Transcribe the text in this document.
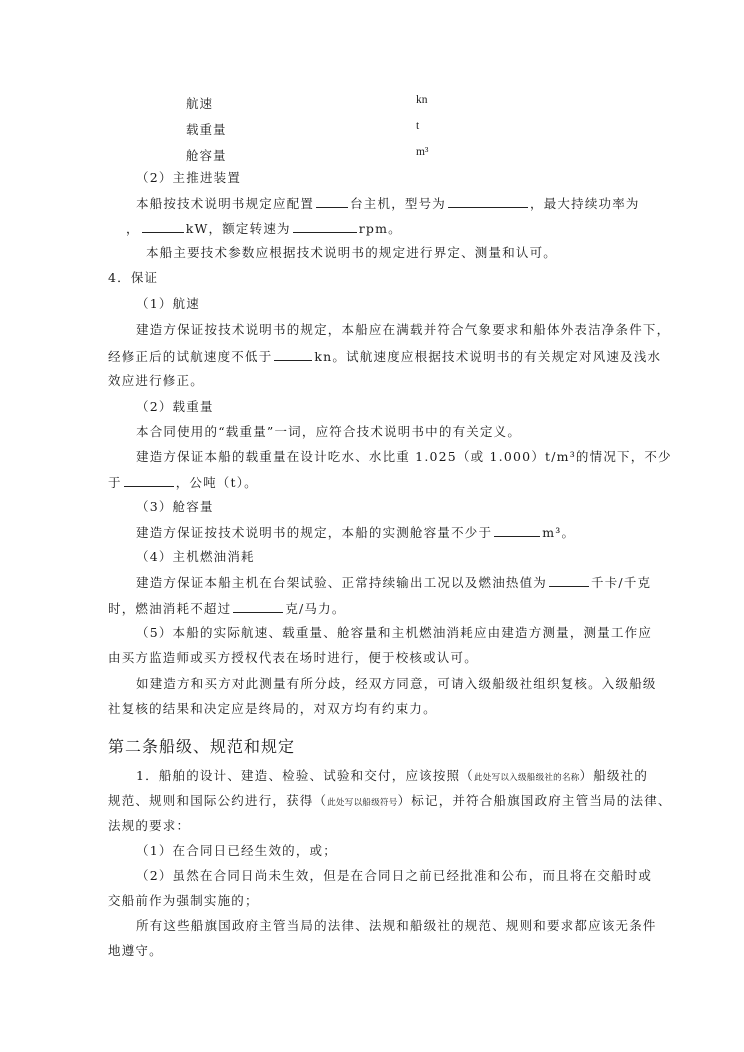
航速	kn
载重量	t
舱容量	m³
（2）主推进装置
本船按技术说明书规定应配置	台主机，型号为	，最大持续功率为
，	kW，额定转速为	rpm。
本船主要技术参数应根据技术说明书的规定进行界定、测量和认可。
4．保证
（1）航速
建造方保证按技术说明书的规定，本船应在满载并符合气象要求和船体外表洁净条件下，
经修正后的试航速度不低于	kn。试航速度应根据技术说明书的有关规定对风速及浅水
效应进行修正。
（2）载重量
本合同使用的“载重量”一词，应符合技术说明书中的有关定义。
建造方保证本船的载重量在设计吃水、水比重 1.025（或 1.000）t/m³的情况下，不少
于	，公吨（t）。
（3）舱容量
建造方保证按技术说明书的规定，本船的实测舱容量不少于	m³。
（4）主机燃油消耗
建造方保证本船主机在台架试验、正常持续输出工况以及燃油热值为	千卡/千克
时，燃油消耗不超过	克/马力。
（5）本船的实际航速、载重量、舱容量和主机燃油消耗应由建造方测量，测量工作应
由买方监造师或买方授权代表在场时进行，便于校核或认可。
如建造方和买方对此测量有所分歧，经双方同意，可请入级船级社组织复核。入级船级
社复核的结果和决定应是终局的，对双方均有约束力。
第二条船级、规范和规定
1．船舶的设计、建造、检验、试验和交付，应该按照（此处写以入级船级社的名称）船级社的
规范、规则和国际公约进行，获得（此处写以船级符号）标记，并符合船旗国政府主管当局的法律、
法规的要求：
（1）在合同日已经生效的，或；
（2）虽然在合同日尚未生效，但是在合同日之前已经批准和公布，而且将在交船时或
交船前作为强制实施的；
所有这些船旗国政府主管当局的法律、法规和船级社的规范、规则和要求都应该无条件
地遵守。
